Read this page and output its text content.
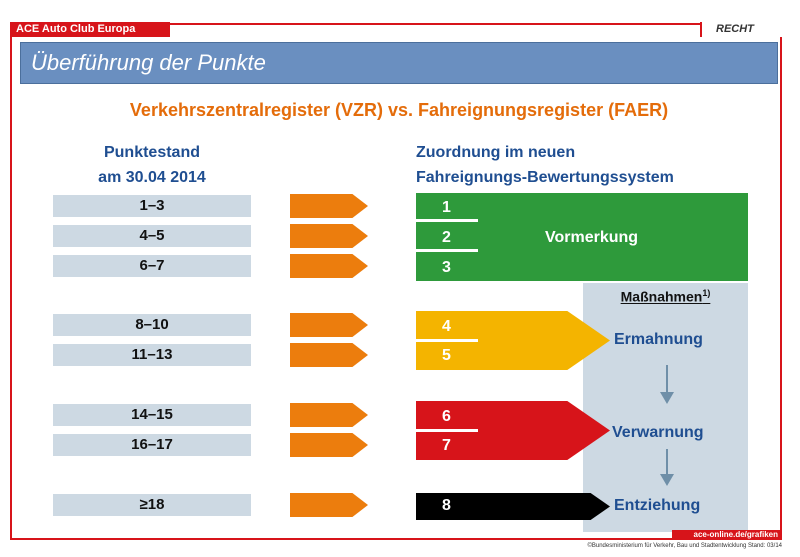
ACE Auto Club Europa	RECHT
Überführung der Punkte
Verkehrszentralregister (VZR) vs. Fahreignungsregister (FAER)
Punktestand
am 30.04 2014
Zuordnung im neuen
Fahreignungs-Bewertungssystem
1–3
4–5
6–7
8–10
11–13
14–15
16–17
≥18
Maßnahmen$^{1)}$
1
2
3
Vormerkung
4
5
Ermahnung
6
7
Verwarnung
8	Entziehung
ace-online.de/grafiken
©Bundesministerium für Verkehr, Bau und Stadtentwicklung Stand: 03/14
